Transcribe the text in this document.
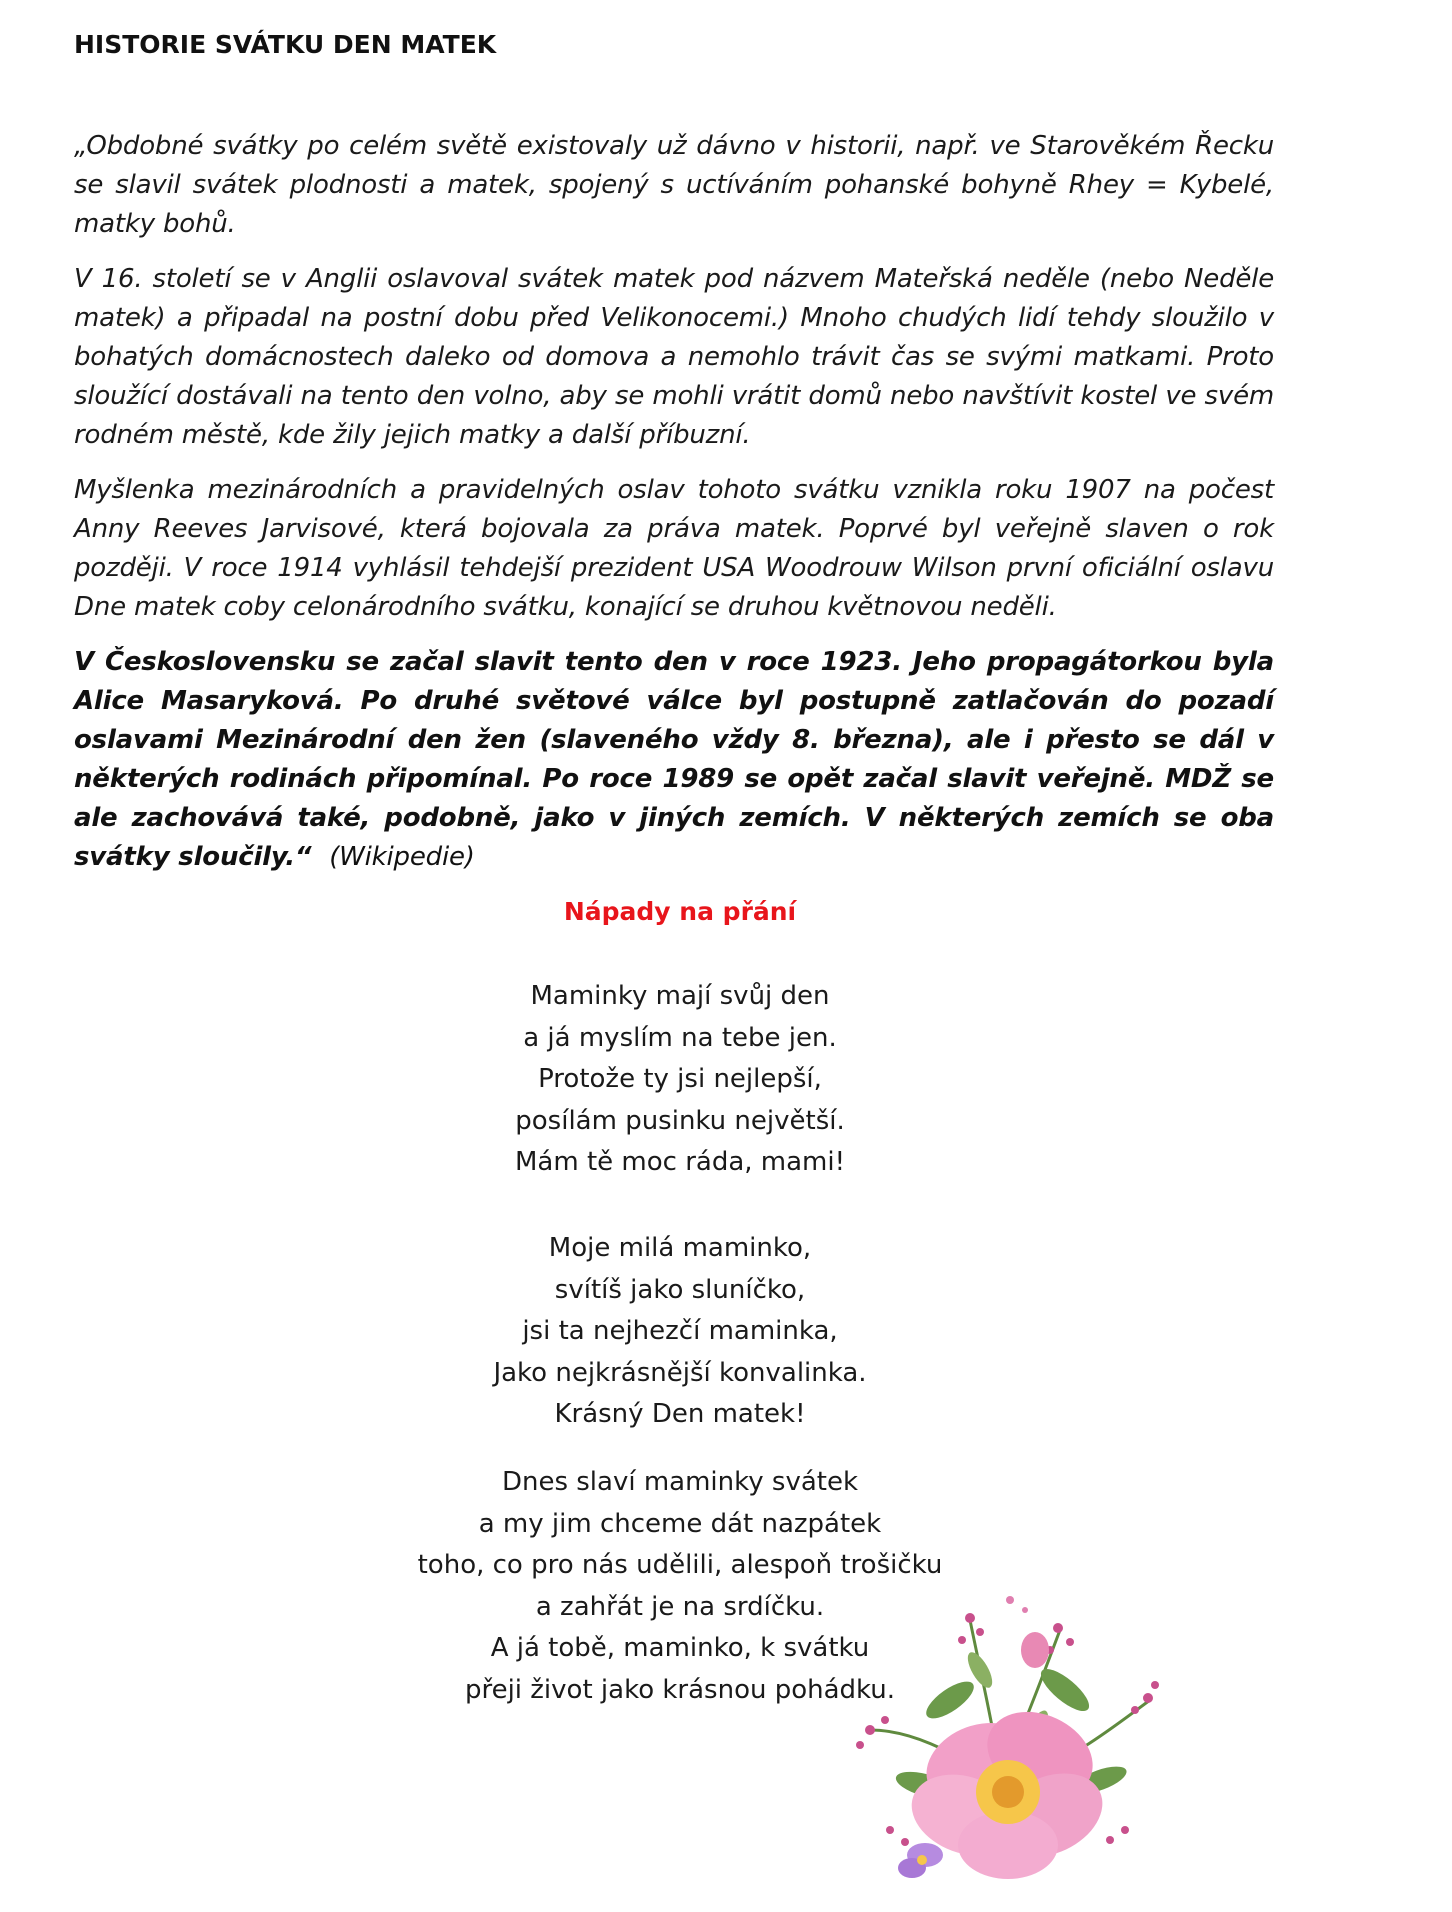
HISTORIE SVÁTKU DEN MATEK

„Obdobné svátky po celém světě existovaly už dávno v historii, např. ve Starověkém Řecku se slavil svátek plodnosti a matek, spojený s uctíváním pohanské bohyně Rhey = Kybelé, matky bohů.

V 16. století se v Anglii oslavoval svátek matek pod názvem Mateřská neděle (nebo Neděle matek) a připadal na postní dobu před Velikonocemi.) Mnoho chudých lidí tehdy sloužilo v bohatých domácnostech daleko od domova a nemohlo trávit čas se svými matkami. Proto sloužící dostávali na tento den volno, aby se mohli vrátit domů nebo navštívit kostel ve svém rodném městě, kde žily jejich matky a další příbuzní.

Myšlenka mezinárodních a pravidelných oslav tohoto svátku vznikla roku 1907 na počest Anny Reeves Jarvisové, která bojovala za práva matek. Poprvé byl veřejně slaven o rok později. V roce 1914 vyhlásil tehdejší prezident USA Woodrouw Wilson první oficiální oslavu Dne matek coby celonárodního svátku, konající se druhou květnovou neděli.

V Československu se začal slavit tento den v roce 1923. Jeho propagátorkou byla Alice Masaryková. Po druhé světové válce byl postupně zatlačován do pozadí oslavami Mezinárodní den žen (slaveného vždy 8. března), ale i přesto se dál v některých rodinách připomínal. Po roce 1989 se opět začal slavit veřejně. MDŽ se ale zachovává také, podobně, jako v jiných zemích. V některých zemích se oba svátky sloučily.“ (Wikipedie)

Nápady na přání
Maminky mají svůj den
a já myslím na tebe jen.
Protože ty jsi nejlepší,
posílám pusinku největší.
Mám tě moc ráda, mami!
Moje milá maminko,
svítíš jako sluníčko,
jsi ta nejhezčí maminka,
Jako nejkrásnější konvalinka.
Krásný Den matek!
Dnes slaví maminky svátek
a my jim chceme dát nazpátek
toho, co pro nás udělili, alespoň trošičku
a zahřát je na srdíčku.
A já tobě, maminko, k svátku
přeji život jako krásnou pohádku.
